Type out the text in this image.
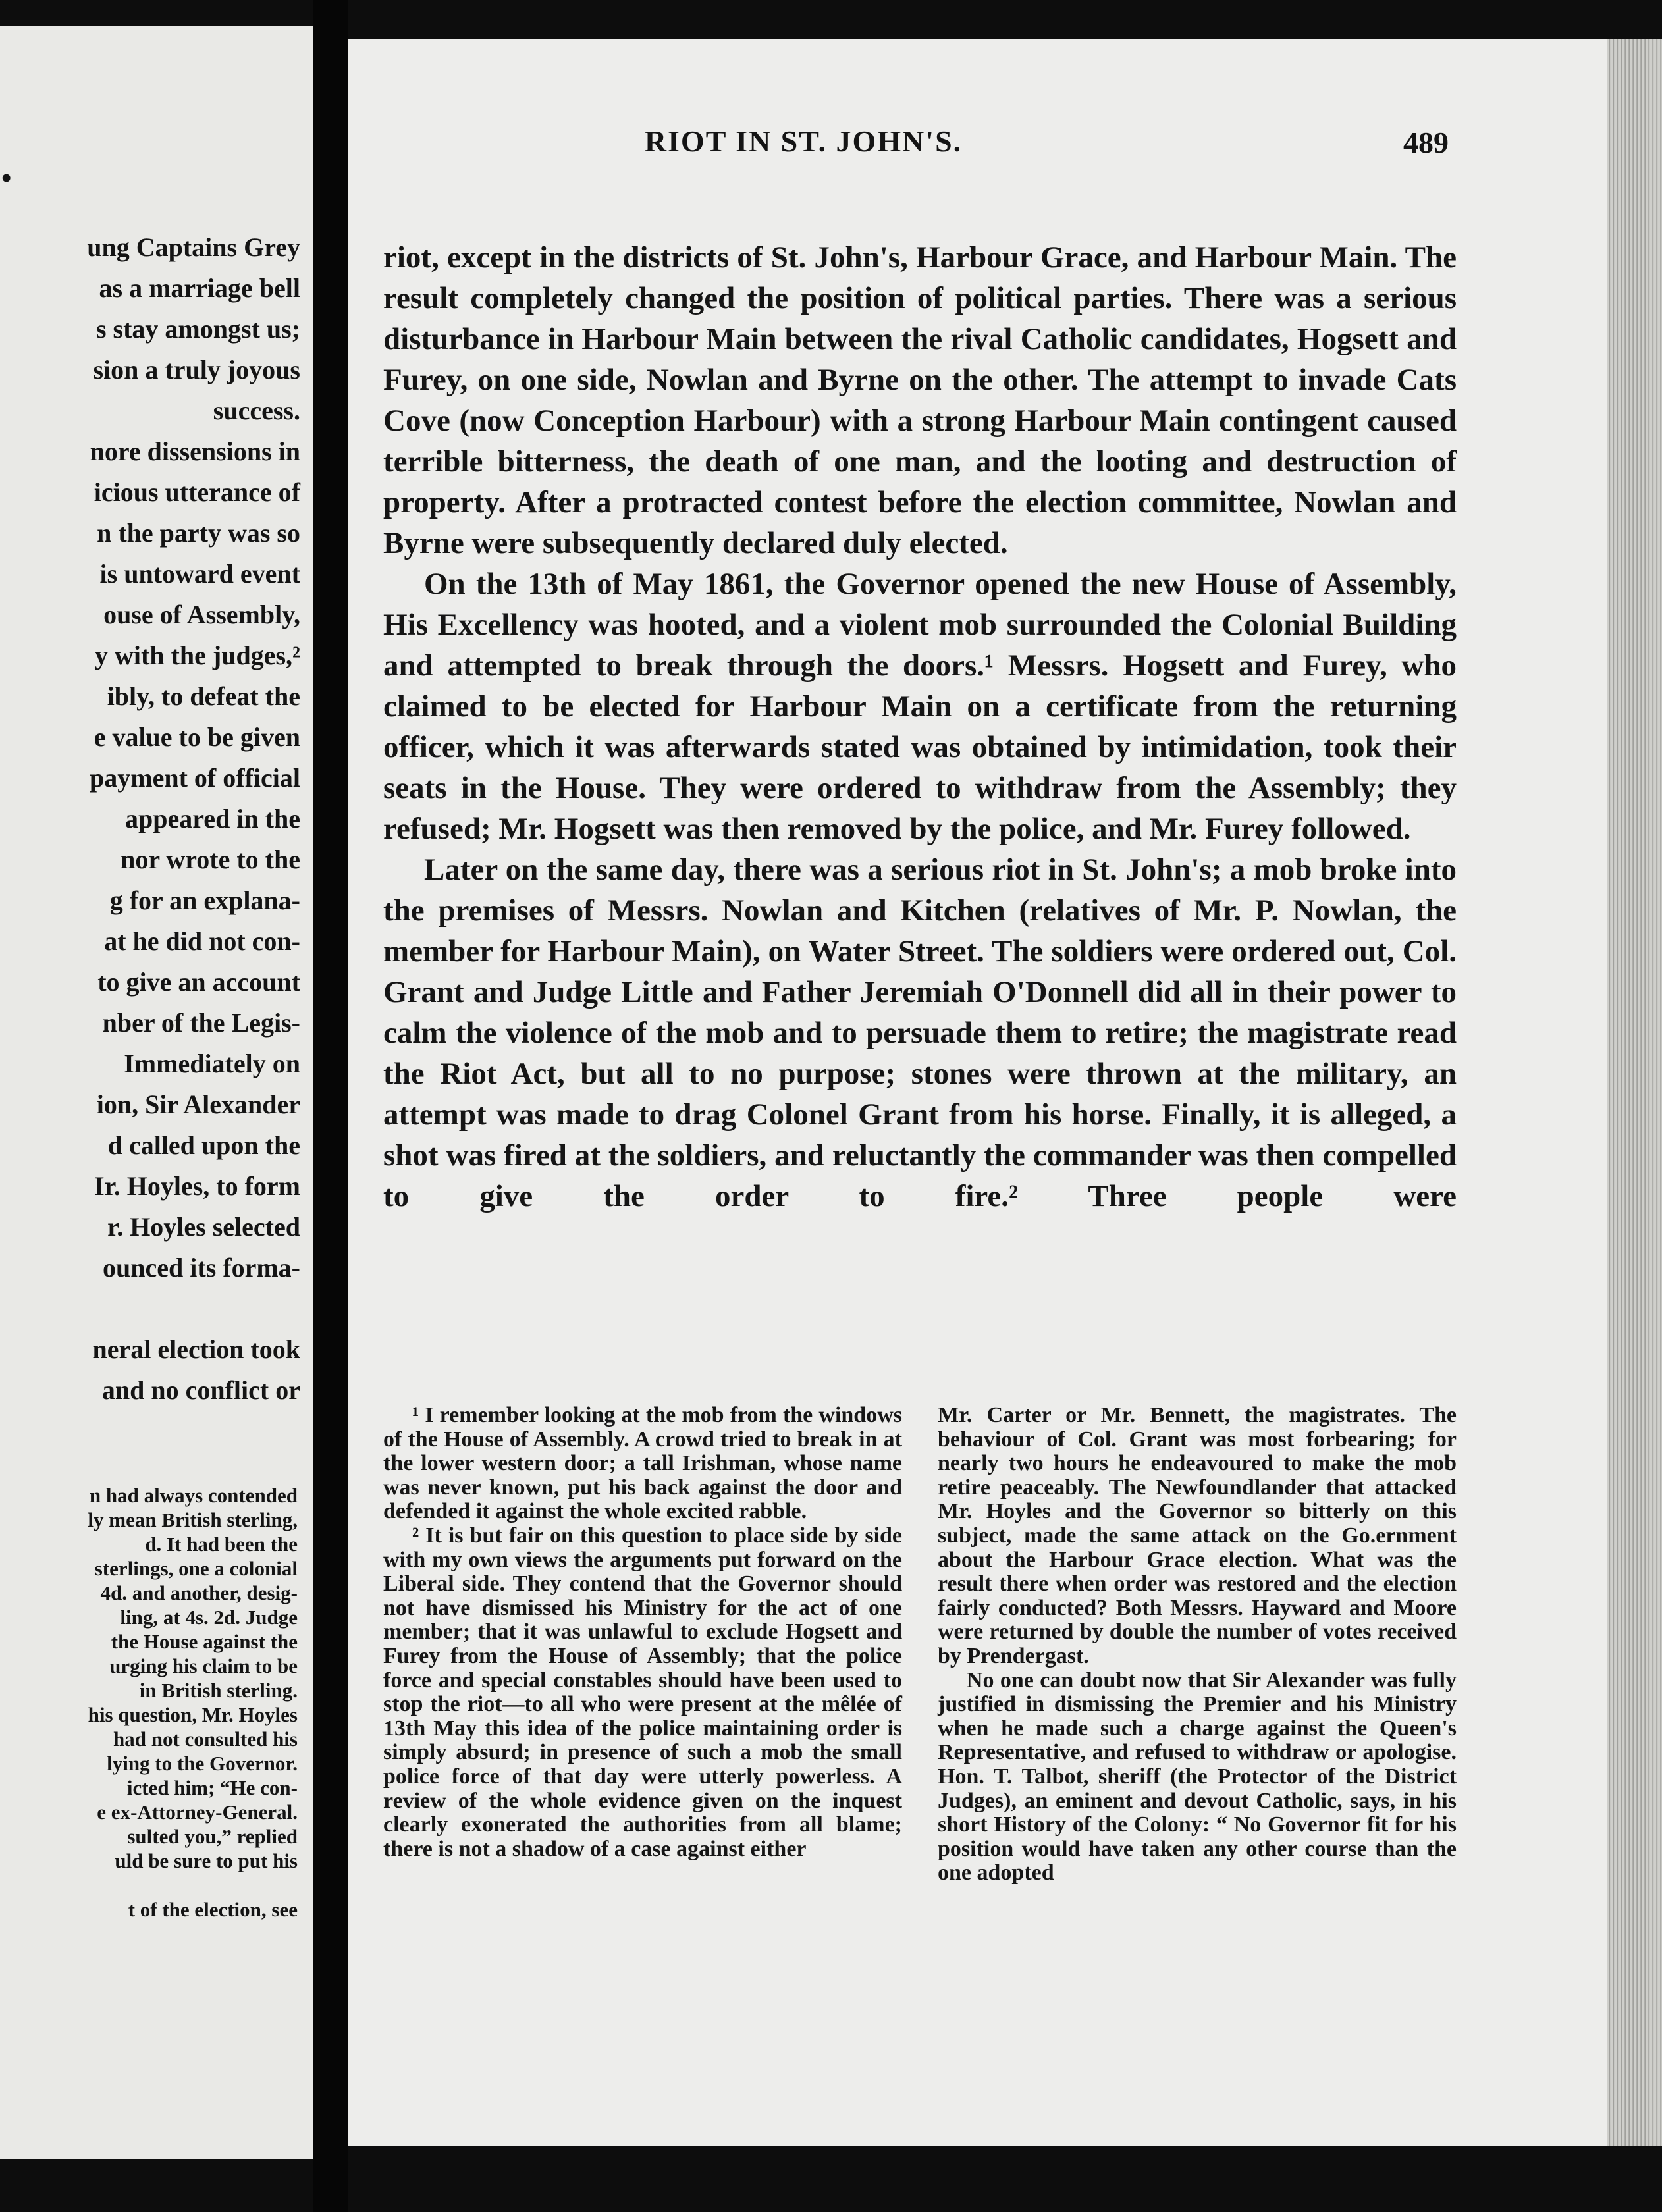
•
ung Captains Grey
as a marriage bell
s stay amongst us;
sion a truly joyous
success.
nore dissensions in
icious utterance of
n the party was so
is untoward event
ouse of Assembly,
y with the judges,²
ibly, to defeat the
e value to be given
payment of official
appeared in the
nor wrote to the
g for an explana-
at he did not con-
to give an account
nber of the Legis-
Immediately on
ion, Sir Alexander
d called upon the
Ir. Hoyles, to form
r. Hoyles selected
ounced its forma-
neral election took
and no conflict or
n had always contended
ly mean British sterling,
d. It had been the
sterlings, one a colonial
4d. and another, desig-
ling, at 4s. 2d. Judge
the House against the
urging his claim to be
in British sterling.
his question, Mr. Hoyles
had not consulted his
lying to the Governor.
icted him; “He con-
e ex-Attorney-General.
sulted you,” replied
uld be sure to put his
t of the election, see
RIOT IN ST. JOHN'S.	489

riot, except in the districts of St. John's, Harbour Grace, and Harbour Main. The result completely changed the position of political parties. There was a serious disturbance in Harbour Main between the rival Catholic candidates, Hogsett and Furey, on one side, Nowlan and Byrne on the other. The attempt to invade Cats Cove (now Conception Harbour) with a strong Harbour Main contingent caused terrible bitterness, the death of one man, and the looting and destruction of property. After a protracted contest before the election committee, Nowlan and Byrne were subsequently declared duly elected.

On the 13th of May 1861, the Governor opened the new House of Assembly, His Excellency was hooted, and a violent mob surrounded the Colonial Building and attempted to break through the doors.¹ Messrs. Hogsett and Furey, who claimed to be elected for Harbour Main on a certificate from the returning officer, which it was afterwards stated was obtained by intimidation, took their seats in the House. They were ordered to withdraw from the Assembly; they refused; Mr. Hogsett was then removed by the police, and Mr. Furey followed.

Later on the same day, there was a serious riot in St. John's; a mob broke into the premises of Messrs. Nowlan and Kitchen (relatives of Mr. P. Nowlan, the member for Harbour Main), on Water Street. The soldiers were ordered out, Col. Grant and Judge Little and Father Jeremiah O'Donnell did all in their power to calm the violence of the mob and to persuade them to retire; the magistrate read the Riot Act, but all to no purpose; stones were thrown at the military, an attempt was made to drag Colonel Grant from his horse. Finally, it is alleged, a shot was fired at the soldiers, and reluctantly the commander was then compelled to give the order to fire.² Three people were

¹ I remember looking at the mob from the windows of the House of Assembly. A crowd tried to break in at the lower western door; a tall Irishman, whose name was never known, put his back against the door and defended it against the whole excited rabble.

² It is but fair on this question to place side by side with my own views the arguments put forward on the Liberal side. They contend that the Governor should not have dismissed his Ministry for the act of one member; that it was unlawful to exclude Hogsett and Furey from the House of Assembly; that the police force and special constables should have been used to stop the riot—to all who were present at the mêlée of 13th May this idea of the police maintaining order is simply absurd; in presence of such a mob the small police force of that day were utterly powerless. A review of the whole evidence given on the inquest clearly exonerated the authorities from all blame; there is not a shadow of a case against either

Mr. Carter or Mr. Bennett, the magistrates. The behaviour of Col. Grant was most forbearing; for nearly two hours he endeavoured to make the mob retire peaceably. The Newfoundlander that attacked Mr. Hoyles and the Governor so bitterly on this subject, made the same attack on the Go.ernment about the Harbour Grace election. What was the result there when order was restored and the election fairly conducted? Both Messrs. Hayward and Moore were returned by double the number of votes received by Prendergast.

No one can doubt now that Sir Alexander was fully justified in dismissing the Premier and his Ministry when he made such a charge against the Queen's Representative, and refused to withdraw or apologise. Hon. T. Talbot, sheriff (the Protector of the District Judges), an eminent and devout Catholic, says, in his short History of the Colony: “ No Governor fit for his position would have taken any other course than the one adopted
